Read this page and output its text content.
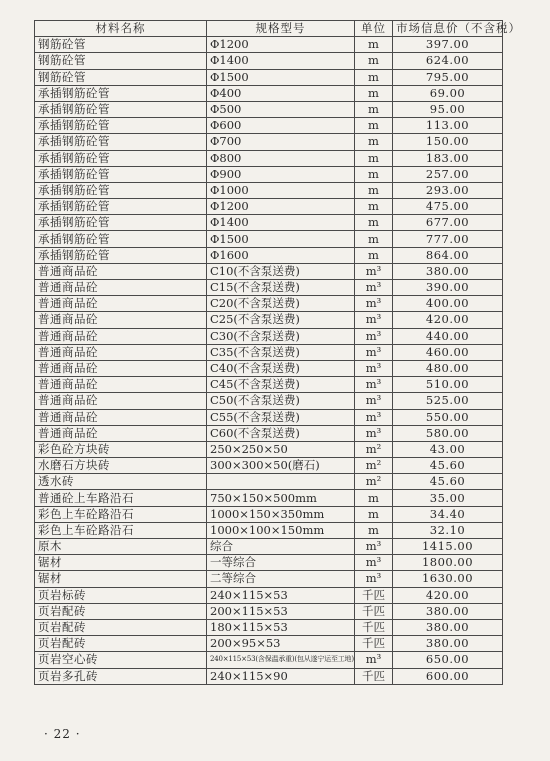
材料名称	规格型号	单位	市场信息价（不含税）
钢筋砼管	Φ1200	m	397.00
钢筋砼管	Φ1400	m	624.00
钢筋砼管	Φ1500	m	795.00
承插钢筋砼管	Φ400	m	69.00
承插钢筋砼管	Φ500	m	95.00
承插钢筋砼管	Φ600	m	113.00
承插钢筋砼管	Φ700	m	150.00
承插钢筋砼管	Φ800	m	183.00
承插钢筋砼管	Φ900	m	257.00
承插钢筋砼管	Φ1000	m	293.00
承插钢筋砼管	Φ1200	m	475.00
承插钢筋砼管	Φ1400	m	677.00
承插钢筋砼管	Φ1500	m	777.00
承插钢筋砼管	Φ1600	m	864.00
普通商品砼	C10(不含泵送费)	m³	380.00
普通商品砼	C15(不含泵送费)	m³	390.00
普通商品砼	C20(不含泵送费)	m³	400.00
普通商品砼	C25(不含泵送费)	m³	420.00
普通商品砼	C30(不含泵送费)	m³	440.00
普通商品砼	C35(不含泵送费)	m³	460.00
普通商品砼	C40(不含泵送费)	m³	480.00
普通商品砼	C45(不含泵送费)	m³	510.00
普通商品砼	C50(不含泵送费)	m³	525.00
普通商品砼	C55(不含泵送费)	m³	550.00
普通商品砼	C60(不含泵送费)	m³	580.00
彩色砼方块砖	250×250×50	m²	43.00
水磨石方块砖	300×300×50(磨石)	m²	45.60
透水砖		m²	45.60
普通砼上车路沿石	750×150×500mm	m	35.00
彩色上车砼路沿石	1000×150×350mm	m	34.40
彩色上车砼路沿石	1000×100×150mm	m	32.10
原木	综合	m³	1415.00
锯材	一等综合	m³	1800.00
锯材	二等综合	m³	1630.00
页岩标砖	240×115×53	千匹	420.00
页岩配砖	200×115×53	千匹	380.00
页岩配砖	180×115×53	千匹	380.00
页岩配砖	200×95×53	千匹	380.00
页岩空心砖	240×115×53(含保温承重)(包从遂宁运至工地)	m³	650.00
页岩多孔砖	240×115×90	千匹	600.00
· 22 ·
